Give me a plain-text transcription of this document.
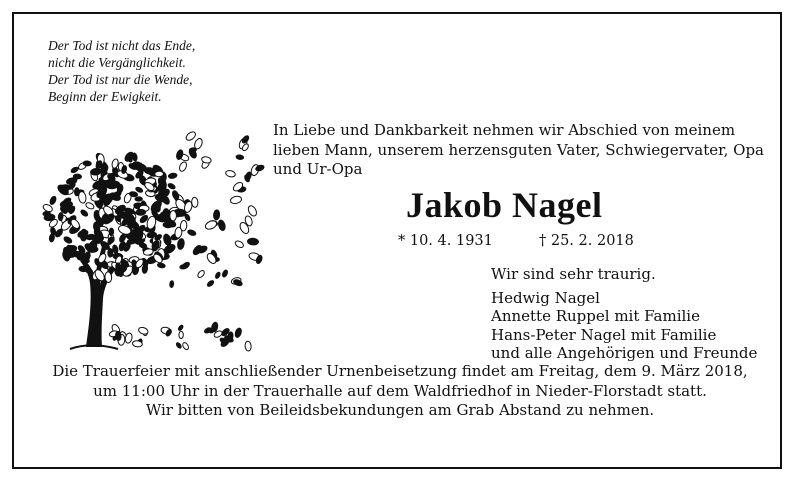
Der Tod ist nicht das Ende,
nicht die Vergänglichkeit.
Der Tod ist nur die Wende,
Beginn der Ewigkeit.
In Liebe und Dankbarkeit nehmen wir Abschied von meinem
lieben Mann, unserem herzensguten Vater, Schwiegervater, Opa
und Ur-Opa
Jakob Nagel
* 10. 4. 1931	† 25. 2. 2018
Wir sind sehr traurig.
Hedwig Nagel
Annette Ruppel mit Familie
Hans-Peter Nagel mit Familie
und alle Angehörigen und Freunde
Die Trauerfeier mit anschließender Urnenbeisetzung findet am Freitag, dem 9. März 2018,
um 11:00 Uhr in der Trauerhalle auf dem Waldfriedhof in Nieder-Florstadt statt.
Wir bitten von Beileidsbekundungen am Grab Abstand zu nehmen.
